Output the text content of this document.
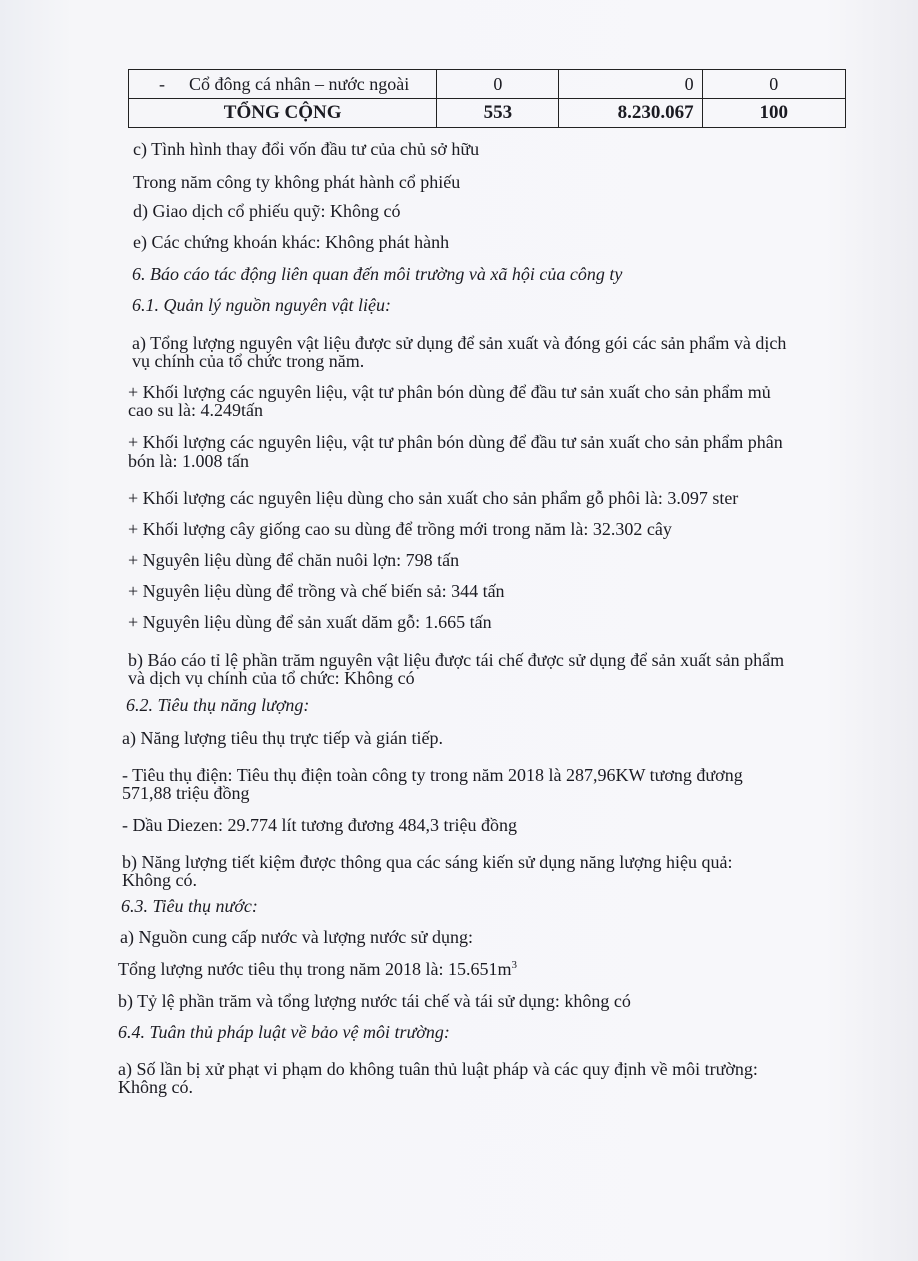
- Cổ đông cá nhân – nước ngoài	0	0	0
TỔNG CỘNG	553	8.230.067	100
c) Tình hình thay đổi vốn đầu tư của chủ sở hữu
Trong năm công ty không phát hành cổ phiếu
d) Giao dịch cổ phiếu quỹ: Không có
e) Các chứng khoán khác: Không phát hành
6. Báo cáo tác động liên quan đến môi trường và xã hội của công ty
6.1. Quản lý nguồn nguyên vật liệu:
a) Tổng lượng nguyên vật liệu được sử dụng để sản xuất và đóng gói các sản phẩm và dịch
vụ chính của tổ chức trong năm.
+ Khối lượng các nguyên liệu, vật tư phân bón dùng để đầu tư sản xuất cho sản phẩm mủ
cao su là: 4.249tấn
+ Khối lượng các nguyên liệu, vật tư phân bón dùng để đầu tư sản xuất cho sản phẩm phân
bón là: 1.008 tấn
+ Khối lượng các nguyên liệu dùng cho sản xuất cho sản phẩm gỗ phôi là: 3.097 ster
+ Khối lượng cây giống cao su dùng để trồng mới trong năm là: 32.302 cây
+ Nguyên liệu dùng để chăn nuôi lợn: 798 tấn
+ Nguyên liệu dùng để trồng và chế biến sả: 344 tấn
+ Nguyên liệu dùng để sản xuất dăm gỗ: 1.665 tấn
b) Báo cáo tỉ lệ phần trăm nguyên vật liệu được tái chế được sử dụng để sản xuất sản phẩm
và dịch vụ chính của tổ chức: Không có
6.2. Tiêu thụ năng lượng:
a) Năng lượng tiêu thụ trực tiếp và gián tiếp.
- Tiêu thụ điện: Tiêu thụ điện toàn công ty trong năm 2018 là 287,96KW tương đương
571,88 triệu đồng
- Dầu Diezen: 29.774 lít tương đương 484,3 triệu đồng
b) Năng lượng tiết kiệm được thông qua các sáng kiến sử dụng năng lượng hiệu quả:
Không có.
6.3. Tiêu thụ nước:
a) Nguồn cung cấp nước và lượng nước sử dụng:
Tổng lượng nước tiêu thụ trong năm 2018 là: $15.651m^3$
b) Tỷ lệ phần trăm và tổng lượng nước tái chế và tái sử dụng: không có
6.4. Tuân thủ pháp luật về bảo vệ môi trường:
a) Số lần bị xử phạt vi phạm do không tuân thủ luật pháp và các quy định về môi trường:
Không có.
